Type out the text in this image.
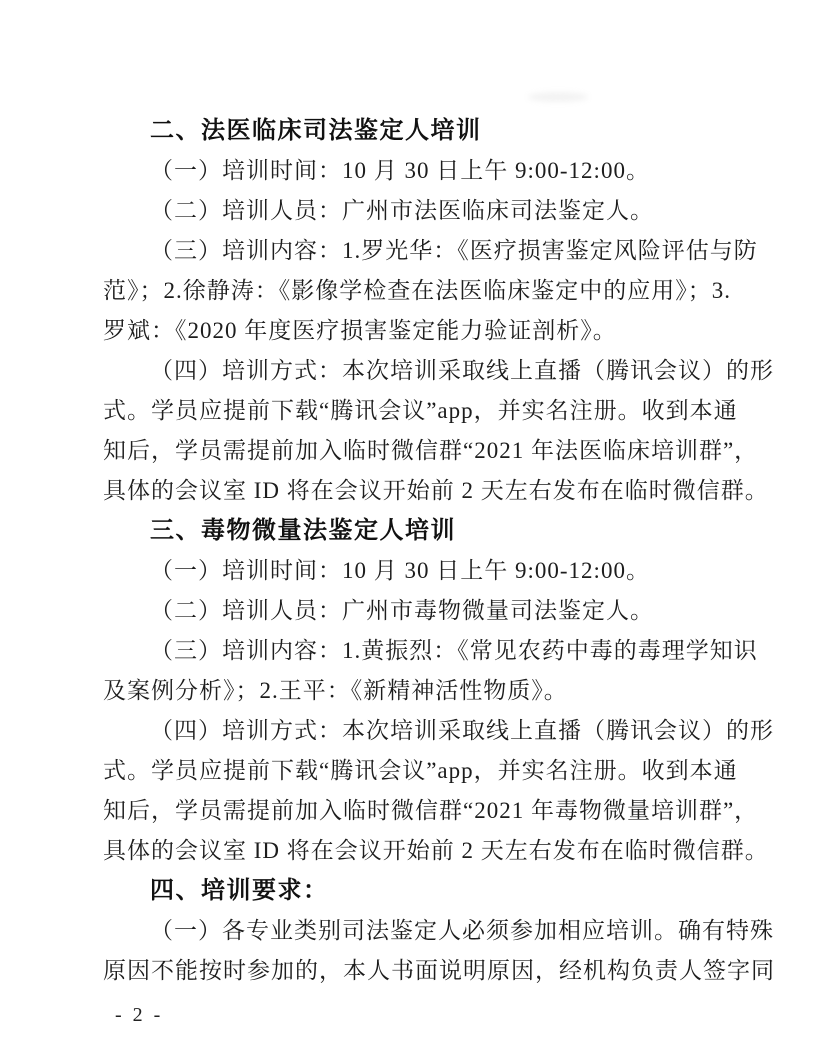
二、法医临床司法鉴定人培训
（一）培训时间：10 月 30 日上午 9:00-12:00。
（二）培训人员：广州市法医临床司法鉴定人。
（三）培训内容：1.罗光华：《医疗损害鉴定风险评估与防
范》；2.徐静涛：《影像学检查在法医临床鉴定中的应用》；3.
罗斌：《2020 年度医疗损害鉴定能力验证剖析》。
（四）培训方式：本次培训采取线上直播（腾讯会议）的形
式。学员应提前下载“腾讯会议”app，并实名注册。收到本通
知后，学员需提前加入临时微信群“2021 年法医临床培训群”，
具体的会议室 ID 将在会议开始前 2 天左右发布在临时微信群。
三、毒物微量法鉴定人培训
（一）培训时间：10 月 30 日上午 9:00-12:00。
（二）培训人员：广州市毒物微量司法鉴定人。
（三）培训内容：1.黄振烈：《常见农药中毒的毒理学知识
及案例分析》；2.王平：《新精神活性物质》。
（四）培训方式：本次培训采取线上直播（腾讯会议）的形
式。学员应提前下载“腾讯会议”app，并实名注册。收到本通
知后，学员需提前加入临时微信群“2021 年毒物微量培训群”，
具体的会议室 ID 将在会议开始前 2 天左右发布在临时微信群。
四、培训要求：
（一）各专业类别司法鉴定人必须参加相应培训。确有特殊
原因不能按时参加的，本人书面说明原因，经机构负责人签字同
- 2 -
